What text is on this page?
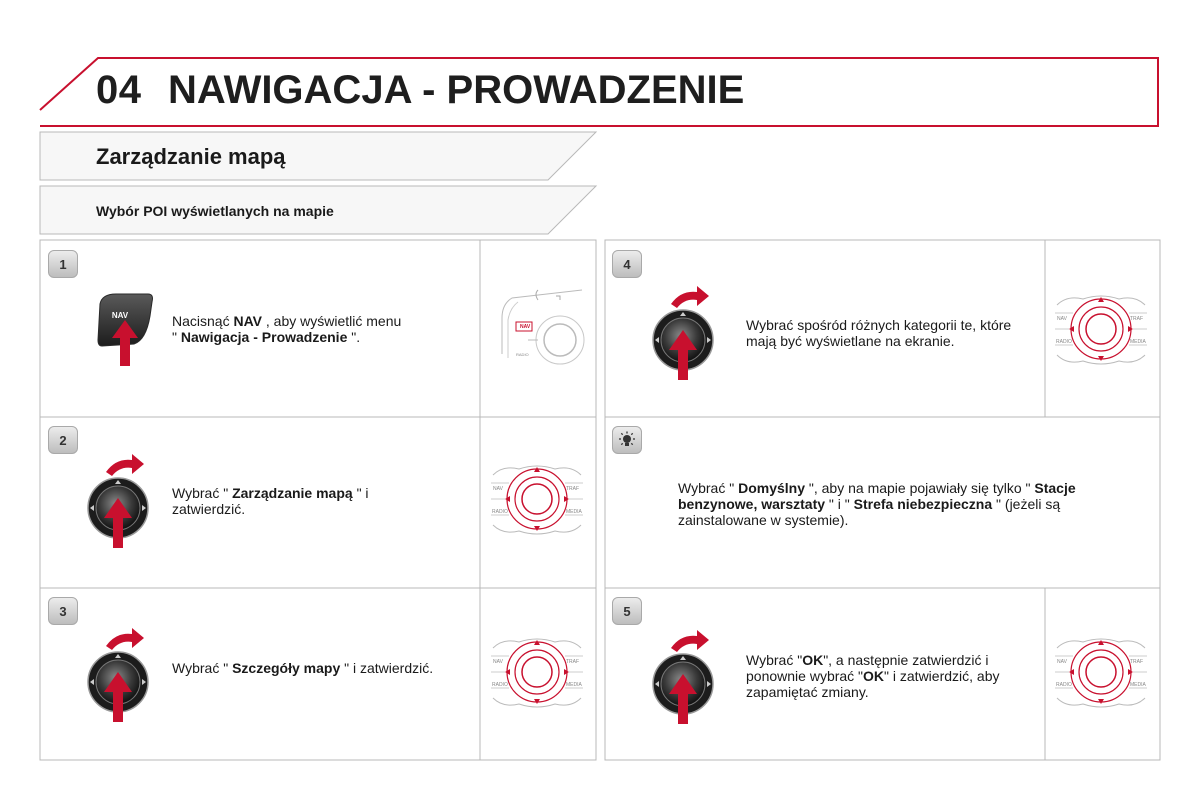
04 NAWIGACJA - PROWADZENIE
Zarządzanie mapą
Wybór POI wyświetlanych na mapie
1
NAV	Nacisnąć NAV , aby wyświetlić menu
" Nawigacja - Prowadzenie ".
NAV
RADIO
2
Wybrać " Zarządzanie mapą " i zatwierdzić.
NAV	TRAF
RADIO	MEDIA
3
Wybrać " Szczegóły mapy " i zatwierdzić.	NAV	TRAF
RADIO	MEDIA
4
Wybrać spośród różnych kategorii te, które mają być wyświetlane na ekranie.
NAV	TRAF
RADIO	MEDIA
Wybrać " Domyślny ", aby na mapie pojawiały się tylko " Stacje benzynowe, warsztaty " i " Strefa niebezpieczna " (jeżeli są zainstalowane w systemie).
5
Wybrać "OK", a następnie zatwierdzić i ponownie wybrać "OK" i zatwierdzić, aby zapamiętać zmiany.
NAV	TRAF
RADIO	MEDIA
